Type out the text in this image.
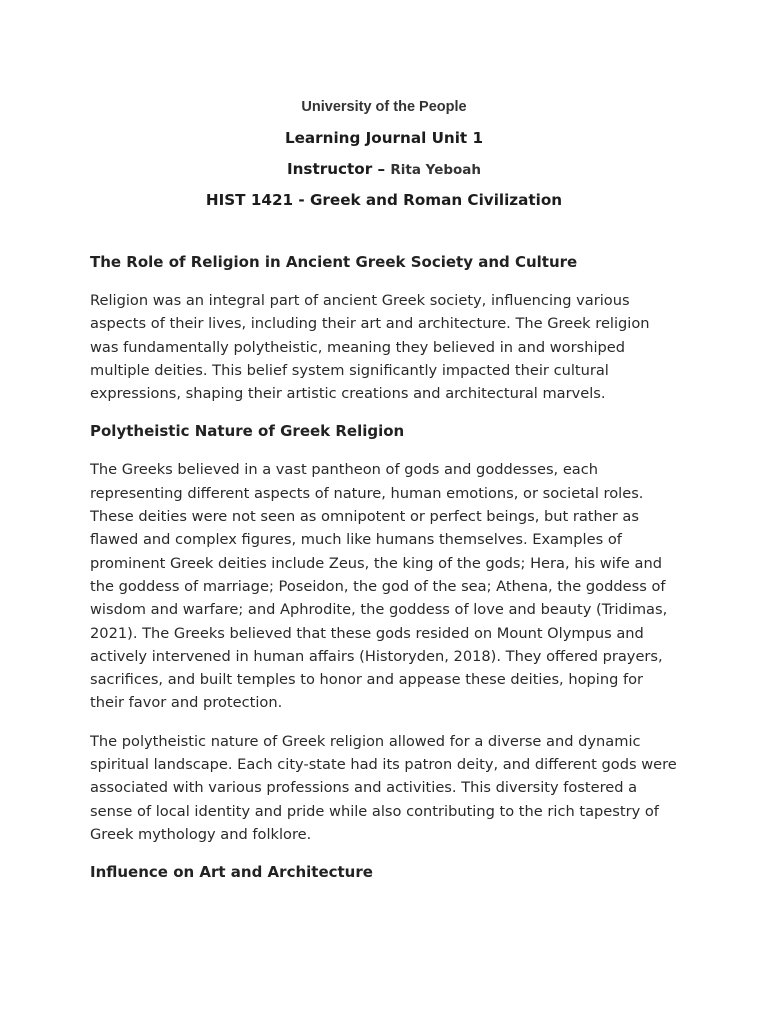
University of the People
Learning Journal Unit 1
Instructor – Rita Yeboah
HIST 1421 - Greek and Roman Civilization
The Role of Religion in Ancient Greek Society and Culture

Religion was an integral part of ancient Greek society, influencing various aspects of their lives, including their art and architecture. The Greek religion was fundamentally polytheistic, meaning they believed in and worshiped multiple deities. This belief system significantly impacted their cultural expressions, shaping their artistic creations and architectural marvels.

Polytheistic Nature of Greek Religion

The Greeks believed in a vast pantheon of gods and goddesses, each representing different aspects of nature, human emotions, or societal roles. These deities were not seen as omnipotent or perfect beings, but rather as flawed and complex figures, much like humans themselves. Examples of prominent Greek deities include Zeus, the king of the gods; Hera, his wife and the goddess of marriage; Poseidon, the god of the sea; Athena, the goddess of wisdom and warfare; and Aphrodite, the goddess of love and beauty (Tridimas, 2021). The Greeks believed that these gods resided on Mount Olympus and actively intervened in human affairs (Historyden, 2018). They offered prayers, sacrifices, and built temples to honor and appease these deities, hoping for their favor and protection.

The polytheistic nature of Greek religion allowed for a diverse and dynamic spiritual landscape. Each city-state had its patron deity, and different gods were associated with various professions and activities. This diversity fostered a sense of local identity and pride while also contributing to the rich tapestry of Greek mythology and folklore.

Influence on Art and Architecture
